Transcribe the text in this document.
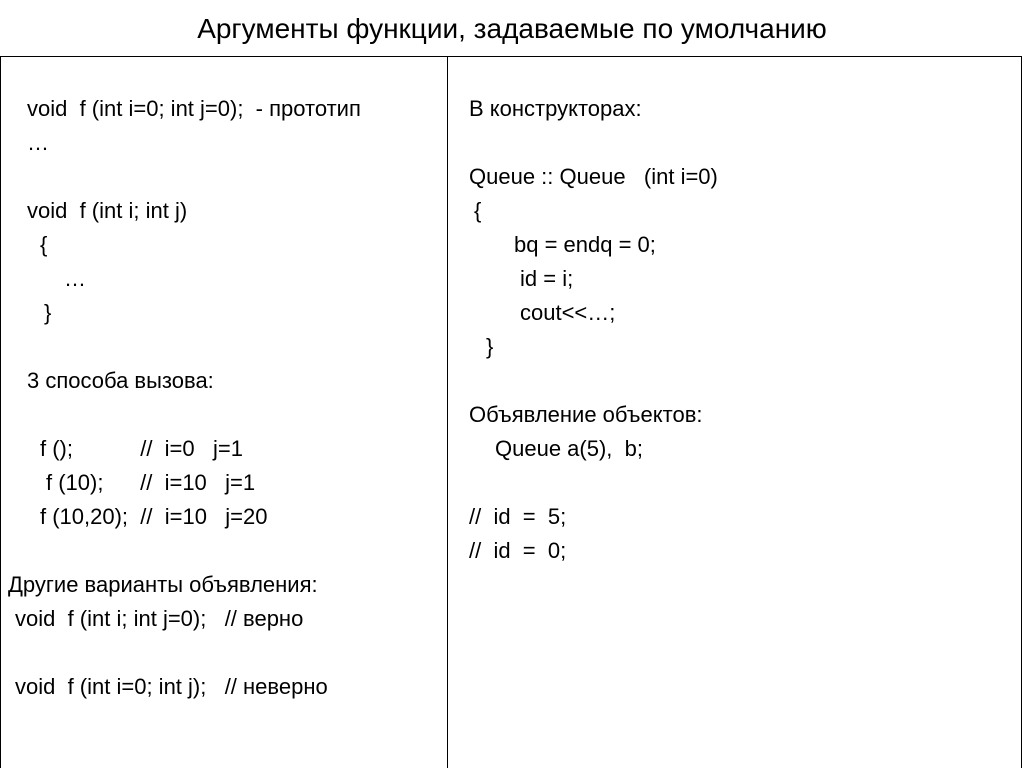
Аргументы функции, задаваемые по умолчанию
void  f (int i=0; int j=0);  - прототип
…
void  f (int i; int j)
{
…
}
3 способа вызова:
f ();           //  i=0   j=1
f (10);      //  i=10   j=1
f (10,20);  //  i=10   j=20
Другие варианты объявления:
void  f (int i; int j=0);   // верно
void  f (int i=0; int j);   // неверно
В конструкторах:
Queue :: Queue   (int i=0)
{
bq = endq = 0;
id = i;
cout<<…;
}
Объявление объектов:
Queue a(5),  b;
//  id  =  5;
//  id  =  0;
